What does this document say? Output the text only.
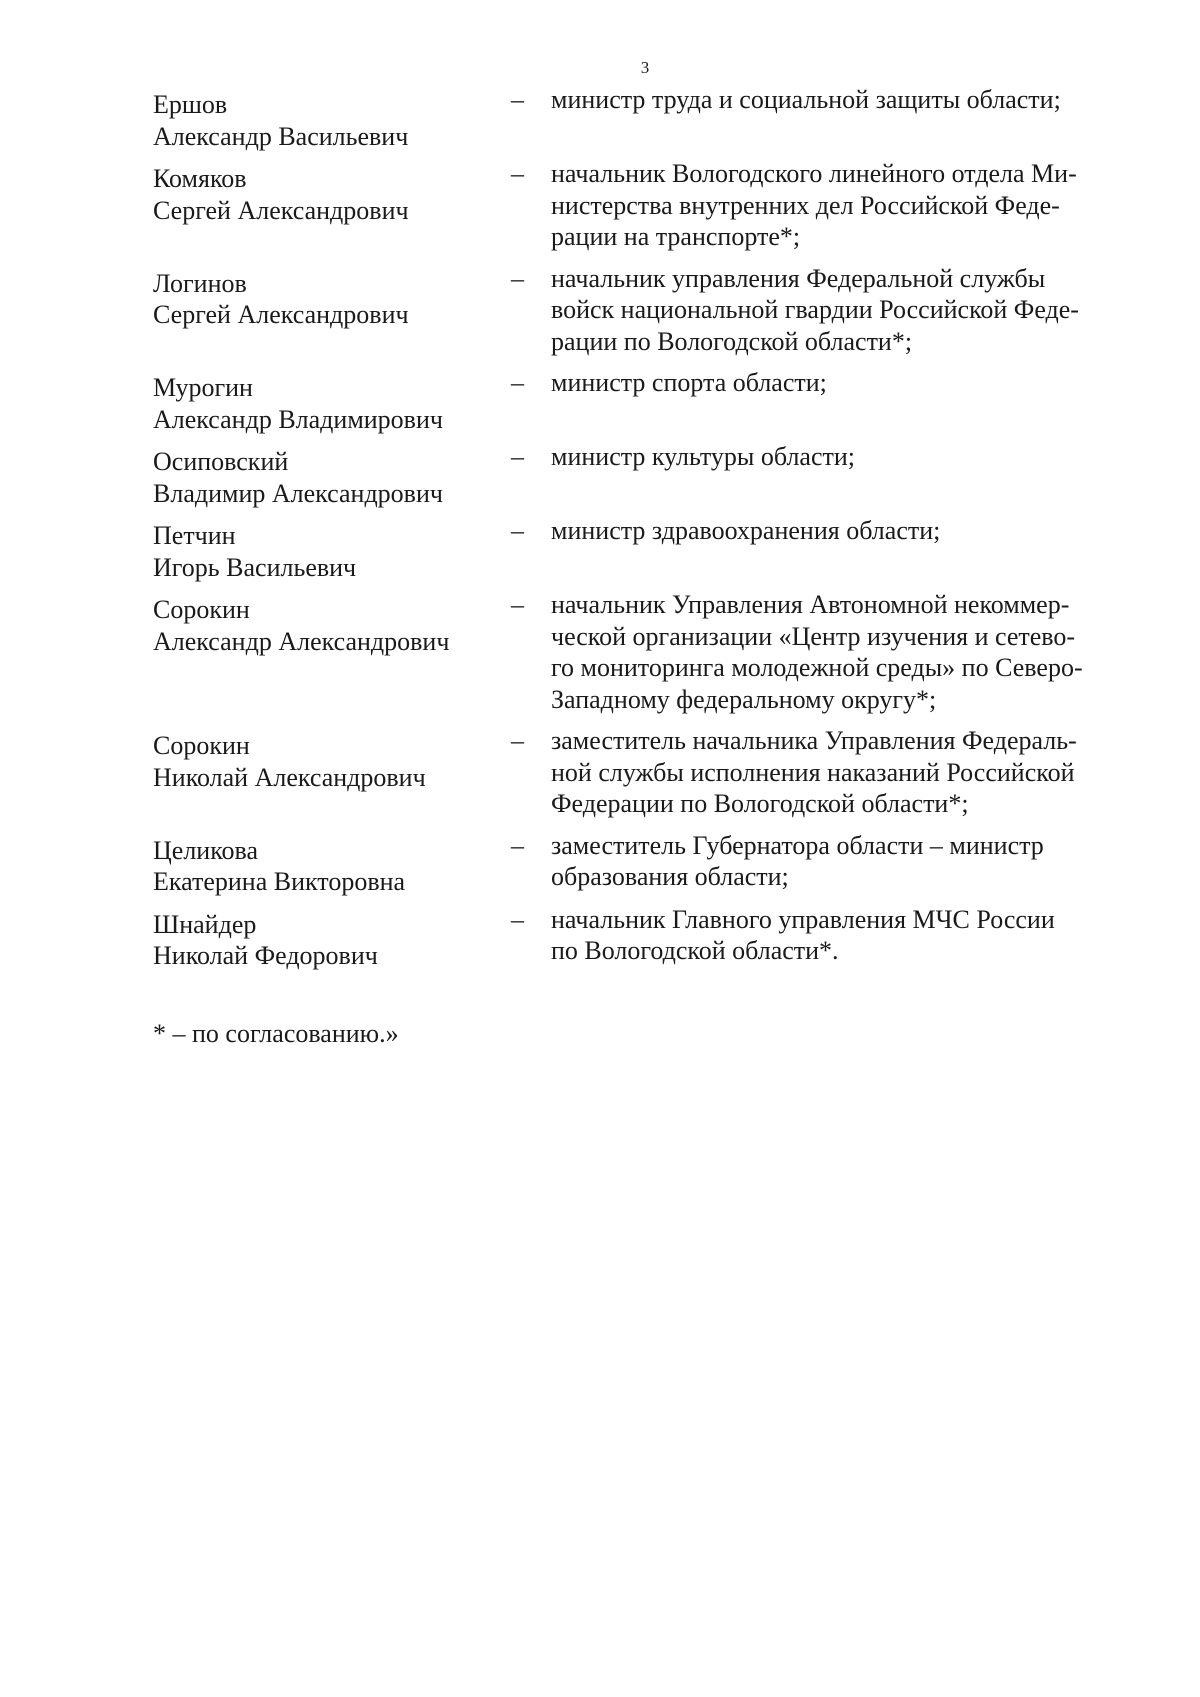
3
Ершов
Александр Васильевич
–	министр труда и социальной защиты области;
Комяков
Сергей Александрович
–	начальник Вологодского линейного отдела Ми-
нистерства внутренних дел Российской Феде-
рации на транспорте*;
Логинов
Сергей Александрович
–	начальник управления Федеральной службы
войск национальной гвардии Российской Феде-
рации по Вологодской области*;
Мурогин
Александр Владимирович
–	министр спорта области;
Осиповский
Владимир Александрович
–	министр культуры области;
Петчин
Игорь Васильевич
–	министр здравоохранения области;
Сорокин
Александр Александрович
–	начальник Управления Автономной некоммер-
ческой организации «Центр изучения и сетево-
го мониторинга молодежной среды» по Северо-
Западному федеральному округу*;
Сорокин
Николай Александрович
–	заместитель начальника Управления Федераль-
ной службы исполнения наказаний Российской
Федерации по Вологодской области*;
Целикова
Екатерина Викторовна
–	заместитель Губернатора области – министр
образования области;
Шнайдер
Николай Федорович
–	начальник Главного управления МЧС России
по Вологодской области*.
* – по согласованию.»
